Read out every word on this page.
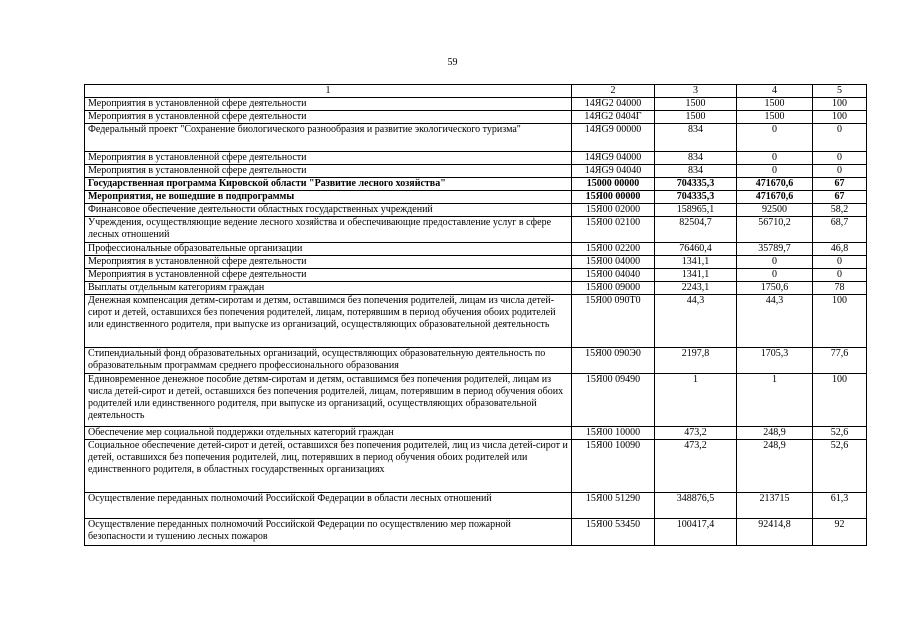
59
1	2	3	4	5
Мероприятия в установленной сфере деятельности	14ЯG2 04000	1500	1500	100
Мероприятия в установленной сфере деятельности	14ЯG2 0404Г	1500	1500	100
Федеральный проект "Сохранение биологического разнообразия и развитие экологического туризма"	14ЯG9 00000	834	0	0
Мероприятия в установленной сфере деятельности	14ЯG9 04000	834	0	0
Мероприятия в установленной сфере деятельности	14ЯG9 04040	834	0	0
Государственная программа Кировской области "Развитие лесного хозяйства"	15000 00000	704335,3	471670,6	67
Мероприятия, не вошедшие в подпрограммы	15Я00 00000	704335,3	471670,6	67
Финансовое обеспечение деятельности областных государственных учреждений	15Я00 02000	158965,1	92500	58,2
Учреждения, осуществляющие ведение лесного хозяйства и обеспечивающие предоставление услуг в сфере лесных отношений	15Я00 02100	82504,7	56710,2	68,7
Профессиональные образовательные организации	15Я00 02200	76460,4	35789,7	46,8
Мероприятия в установленной сфере деятельности	15Я00 04000	1341,1	0	0
Мероприятия в установленной сфере деятельности	15Я00 04040	1341,1	0	0
Выплаты отдельным категориям граждан	15Я00 09000	2243,1	1750,6	78
Денежная компенсация детям-сиротам и детям, оставшимся без попечения родителей, лицам из числа детей-сирот и детей, оставшихся без попечения родителей, лицам, потерявшим в период обучения обоих родителей или единственного родителя, при выпуске из организаций, осуществляющих образовательной деятельность	15Я00 090Т0	44,3	44,3	100
Стипендиальный фонд образовательных организаций, осуществляющих образовательную деятельность по образовательным программам среднего профессионального образования	15Я00 090Э0	2197,8	1705,3	77,6
Единовременное денежное пособие детям-сиротам и детям, оставшимся без попечения родителей, лицам из числа детей-сирот и детей, оставшихся без попечения родителей, лицам, потерявшим в период обучения обоих родителей или единственного родителя, при выпуске из организаций, осуществляющих образовательной деятельность	15Я00 09490	1	1	100
Обеспечение мер социальной поддержки отдельных категорий граждан	15Я00 10000	473,2	248,9	52,6
Социальное обеспечение детей-сирот и детей, оставшихся без попечения родителей, лиц из числа детей-сирот и детей, оставшихся без попечения родителей, лиц, потерявших в период обучения обоих родителей или единственного родителя, в областных государственных организациях	15Я00 10090	473,2	248,9	52,6
Осуществление переданных полномочий Российской Федерации в области лесных отношений	15Я00 51290	348876,5	213715	61,3
Осуществление переданных полномочий Российской Федерации по осуществлению мер пожарной безопасности и тушению лесных пожаров	15Я00 53450	100417,4	92414,8	92
